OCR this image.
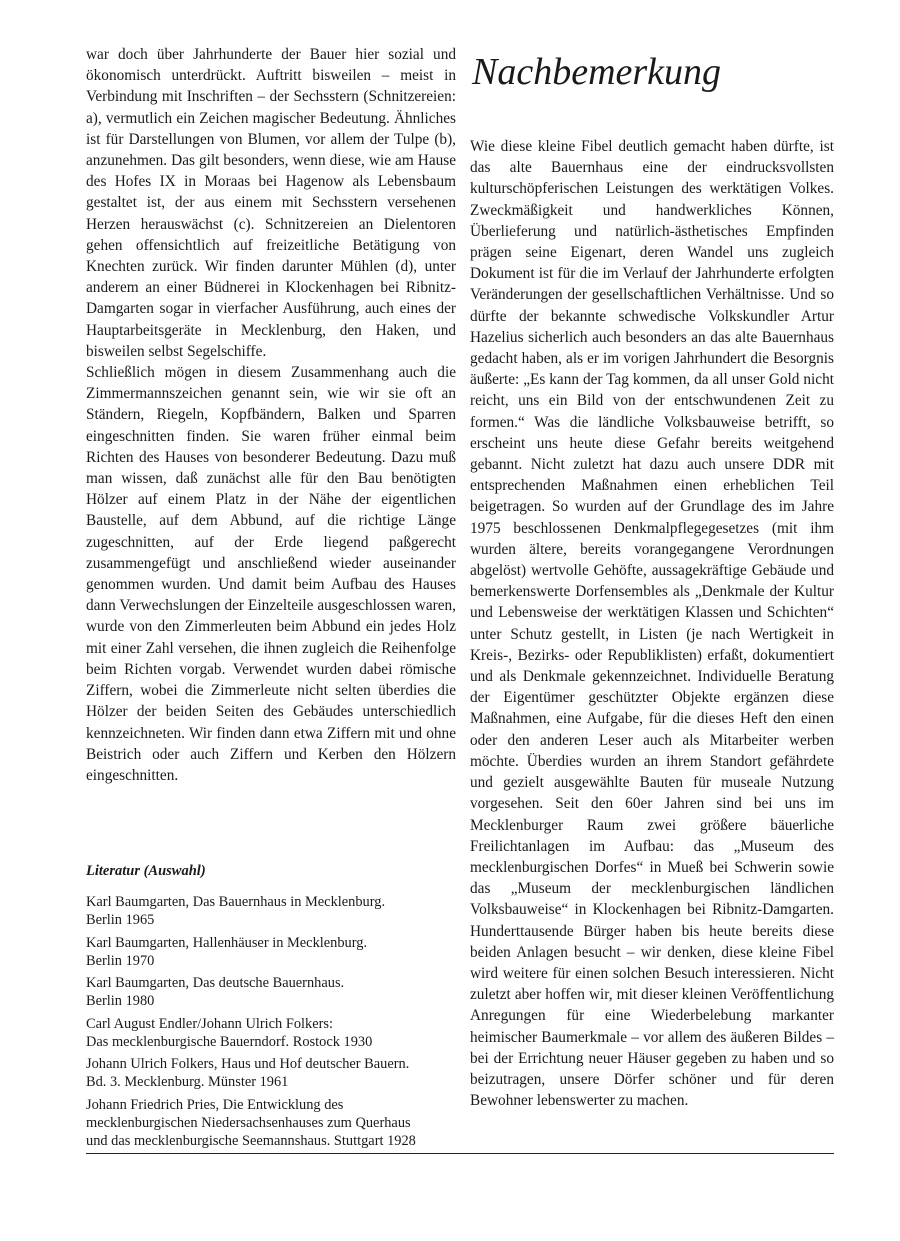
war doch über Jahrhunderte der Bauer hier sozial und ökonomisch unterdrückt. Auftritt bisweilen – meist in Verbindung mit Inschriften – der Sechsstern (Schnitzereien: a), vermutlich ein Zeichen magischer Bedeutung. Ähnliches ist für Darstellungen von Blumen, vor allem der Tulpe (b), anzunehmen. Das gilt besonders, wenn diese, wie am Hause des Hofes IX in Moraas bei Hagenow als Lebensbaum gestaltet ist, der aus einem mit Sechsstern versehenen Herzen herauswächst (c). Schnitzereien an Dielentoren gehen offensichtlich auf freizeitliche Betätigung von Knechten zurück. Wir finden darunter Mühlen (d), unter anderem an einer Büdnerei in Klockenhagen bei Ribnitz-Damgarten sogar in vierfacher Ausführung, auch eines der Hauptarbeitsgeräte in Mecklenburg, den Haken, und bisweilen selbst Segelschiffe.

Schließlich mögen in diesem Zusammenhang auch die Zimmermannszeichen genannt sein, wie wir sie oft an Ständern, Riegeln, Kopfbändern, Balken und Sparren eingeschnitten finden. Sie waren früher einmal beim Richten des Hauses von besonderer Bedeutung. Dazu muß man wissen, daß zunächst alle für den Bau benötigten Hölzer auf einem Platz in der Nähe der eigentlichen Baustelle, auf dem Abbund, auf die richtige Länge zugeschnitten, auf der Erde liegend paßgerecht zusammengefügt und anschließend wieder auseinander genommen wurden. Und damit beim Aufbau des Hauses dann Verwechslungen der Einzelteile ausgeschlossen waren, wurde von den Zimmerleuten beim Abbund ein jedes Holz mit einer Zahl versehen, die ihnen zugleich die Reihenfolge beim Richten vorgab. Verwendet wurden dabei römische Ziffern, wobei die Zimmerleute nicht selten überdies die Hölzer der beiden Seiten des Gebäudes unterschiedlich kennzeichneten. Wir finden dann etwa Ziffern mit und ohne Beistrich oder auch Ziffern und Kerben den Hölzern eingeschnitten.

Literatur (Auswahl)
Karl Baumgarten, Das Bauernhaus in Mecklenburg.
Berlin 1965
Karl Baumgarten, Hallenhäuser in Mecklenburg.
Berlin 1970
Karl Baumgarten, Das deutsche Bauernhaus.
Berlin 1980
Carl August Endler/Johann Ulrich Folkers:
Das mecklenburgische Bauerndorf. Rostock 1930
Johann Ulrich Folkers, Haus und Hof deutscher Bauern.
Bd. 3. Mecklenburg. Münster 1961
Johann Friedrich Pries, Die Entwicklung des mecklenburgischen Niedersachsenhauses zum Querhaus
und das mecklenburgische Seemannshaus. Stuttgart 1928
Nachbemerkung

Wie diese kleine Fibel deutlich gemacht haben dürfte, ist das alte Bauernhaus eine der eindrucksvollsten kulturschöpferischen Leistungen des werktätigen Volkes. Zweckmäßigkeit und handwerkliches Können, Überlieferung und natürlich-ästhetisches Empfinden prägen seine Eigenart, deren Wandel uns zugleich Dokument ist für die im Verlauf der Jahrhunderte erfolgten Veränderungen der gesellschaftlichen Verhältnisse. Und so dürfte der bekannte schwedische Volkskundler Artur Hazelius sicherlich auch besonders an das alte Bauernhaus gedacht haben, als er im vorigen Jahrhundert die Besorgnis äußerte: „Es kann der Tag kommen, da all unser Gold nicht reicht, uns ein Bild von der entschwundenen Zeit zu formen.“ Was die ländliche Volksbauweise betrifft, so erscheint uns heute diese Gefahr bereits weitgehend gebannt. Nicht zuletzt hat dazu auch unsere DDR mit entsprechenden Maßnahmen einen erheblichen Teil beigetragen. So wurden auf der Grundlage des im Jahre 1975 beschlossenen Denkmalpflegegesetzes (mit ihm wurden ältere, bereits vorangegangene Verordnungen abgelöst) wertvolle Gehöfte, aussagekräftige Gebäude und bemerkenswerte Dorfensembles als „Denkmale der Kultur und Lebensweise der werktätigen Klassen und Schichten“ unter Schutz gestellt, in Listen (je nach Wertigkeit in Kreis-, Bezirks- oder Republiklisten) erfaßt, dokumentiert und als Denkmale gekennzeichnet. Individuelle Beratung der Eigentümer geschützter Objekte ergänzen diese Maßnahmen, eine Aufgabe, für die dieses Heft den einen oder den anderen Leser auch als Mitarbeiter werben möchte. Überdies wurden an ihrem Standort gefährdete und gezielt ausgewählte Bauten für museale Nutzung vorgesehen. Seit den 60er Jahren sind bei uns im Mecklenburger Raum zwei größere bäuerliche Freilichtanlagen im Aufbau: das „Museum des mecklenburgischen Dorfes“ in Mueß bei Schwerin sowie das „Museum der mecklenburgischen ländlichen Volksbauweise“ in Klockenhagen bei Ribnitz-Damgarten. Hunderttausende Bürger haben bis heute bereits diese beiden Anlagen besucht – wir denken, diese kleine Fibel wird weitere für einen solchen Besuch interessieren. Nicht zuletzt aber hoffen wir, mit dieser kleinen Veröffentlichung Anregungen für eine Wiederbelebung markanter heimischer Baumerkmale – vor allem des äußeren Bildes – bei der Errichtung neuer Häuser gegeben zu haben und so beizutragen, unsere Dörfer schöner und für deren Bewohner lebenswerter zu machen.
